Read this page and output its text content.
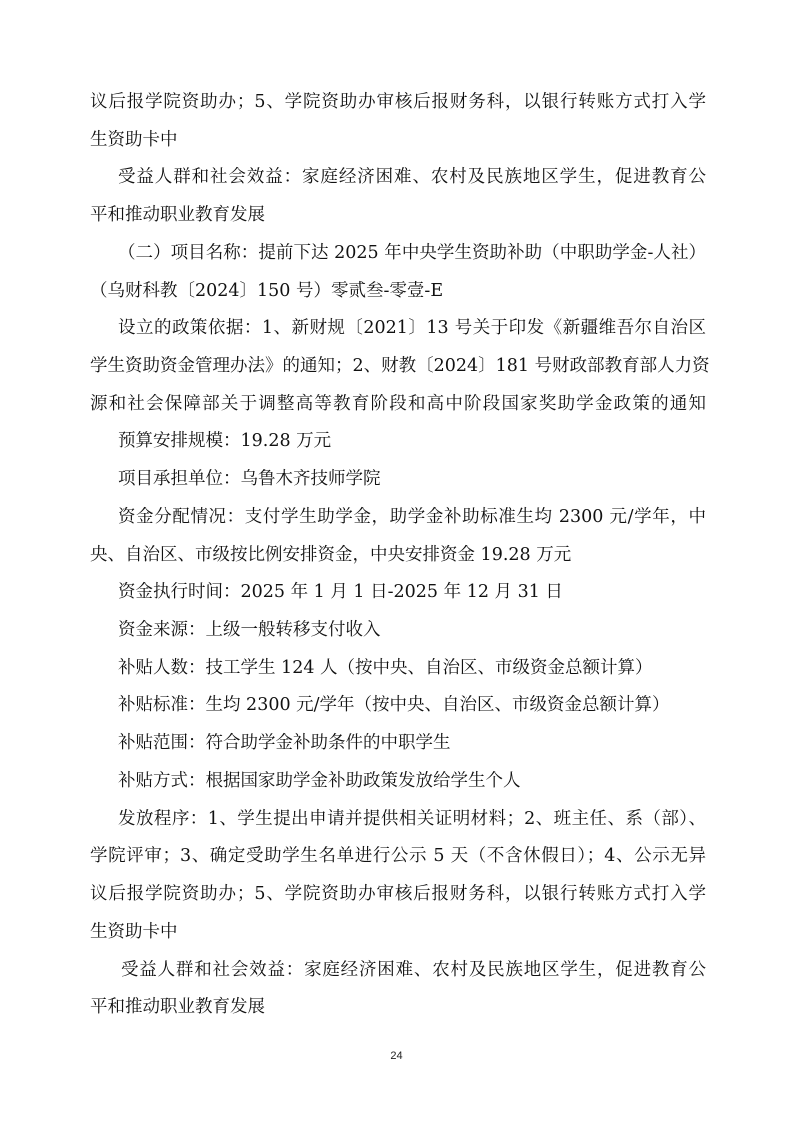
议后报学院资助办；5、学院资助办审核后报财务科，以银行转账方式打入学
生资助卡中
受益人群和社会效益：家庭经济困难、农村及民族地区学生，促进教育公
平和推动职业教育发展
（二）项目名称：提前下达 2025 年中央学生资助补助（中职助学金-人社）
（乌财科教〔2024〕150 号）零贰叁-零壹-E
设立的政策依据：1、新财规〔2021〕13 号关于印发《新疆维吾尔自治区
学生资助资金管理办法》的通知；2、财教〔2024〕181 号财政部教育部人力资
源和社会保障部关于调整高等教育阶段和高中阶段国家奖助学金政策的通知
预算安排规模：19.28 万元
项目承担单位：乌鲁木齐技师学院
资金分配情况：支付学生助学金，助学金补助标准生均 2300 元/学年，中
央、自治区、市级按比例安排资金，中央安排资金 19.28 万元
资金执行时间：2025 年 1 月 1 日-2025 年 12 月 31 日
资金来源：上级一般转移支付收入
补贴人数：技工学生 124 人（按中央、自治区、市级资金总额计算）
补贴标准：生均 2300 元/学年（按中央、自治区、市级资金总额计算）
补贴范围：符合助学金补助条件的中职学生
补贴方式：根据国家助学金补助政策发放给学生个人
发放程序：1、学生提出申请并提供相关证明材料；2、班主任、系（部）、
学院评审；3、确定受助学生名单进行公示 5 天（不含休假日）；4、公示无异
议后报学院资助办；5、学院资助办审核后报财务科，以银行转账方式打入学
生资助卡中
受益人群和社会效益：家庭经济困难、农村及民族地区学生，促进教育公
平和推动职业教育发展
24
